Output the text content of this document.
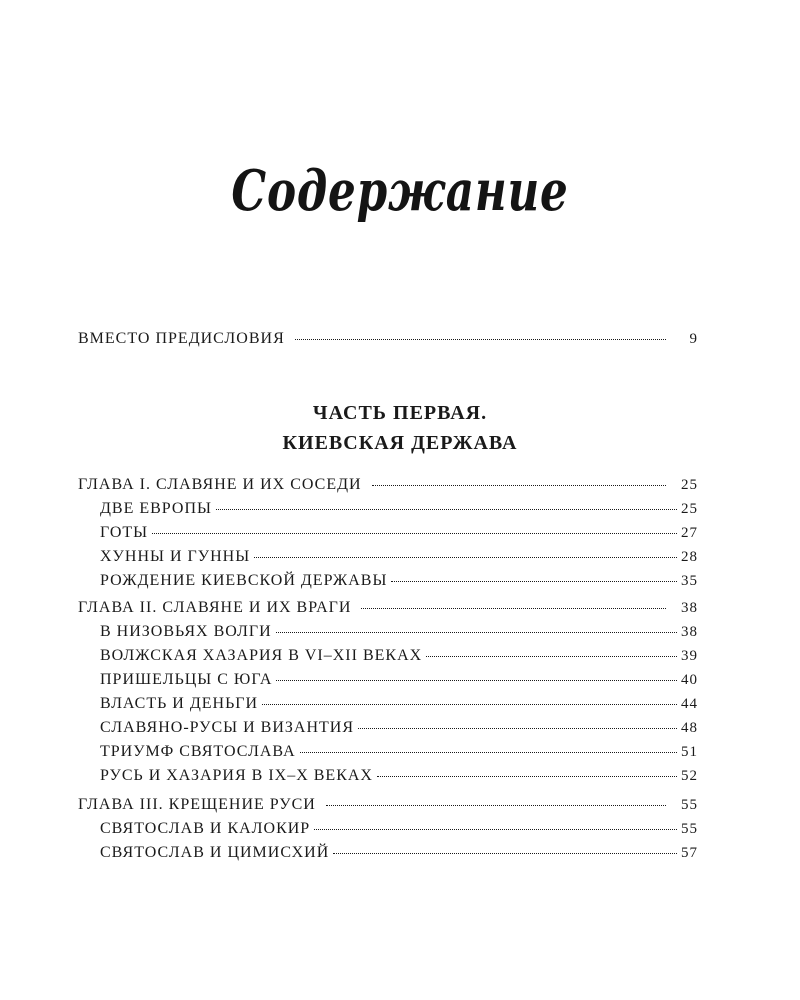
Содержание
ВМЕСТО ПРЕДИСЛОВИЯ	9
ЧАСТЬ ПЕРВАЯ.
КИЕВСКАЯ ДЕРЖАВА
ГЛАВА I. СЛАВЯНЕ И ИХ СОСЕДИ	25
ДВЕ ЕВРОПЫ	25
ГОТЫ	27
ХУННЫ И ГУННЫ	28
РОЖДЕНИЕ КИЕВСКОЙ ДЕРЖАВЫ	35
ГЛАВА II. СЛАВЯНЕ И ИХ ВРАГИ	38
В НИЗОВЬЯХ ВОЛГИ	38
ВОЛЖСКАЯ ХАЗАРИЯ В VI–XII ВЕКАХ	39
ПРИШЕЛЬЦЫ С ЮГА	40
ВЛАСТЬ И ДЕНЬГИ	44
СЛАВЯНО-РУСЫ И ВИЗАНТИЯ	48
ТРИУМФ СВЯТОСЛАВА	51
РУСЬ И ХАЗАРИЯ В IX–X ВЕКАХ	52
ГЛАВА III. КРЕЩЕНИЕ РУСИ	55
СВЯТОСЛАВ И КАЛОКИР	55
СВЯТОСЛАВ И ЦИМИСХИЙ	57
